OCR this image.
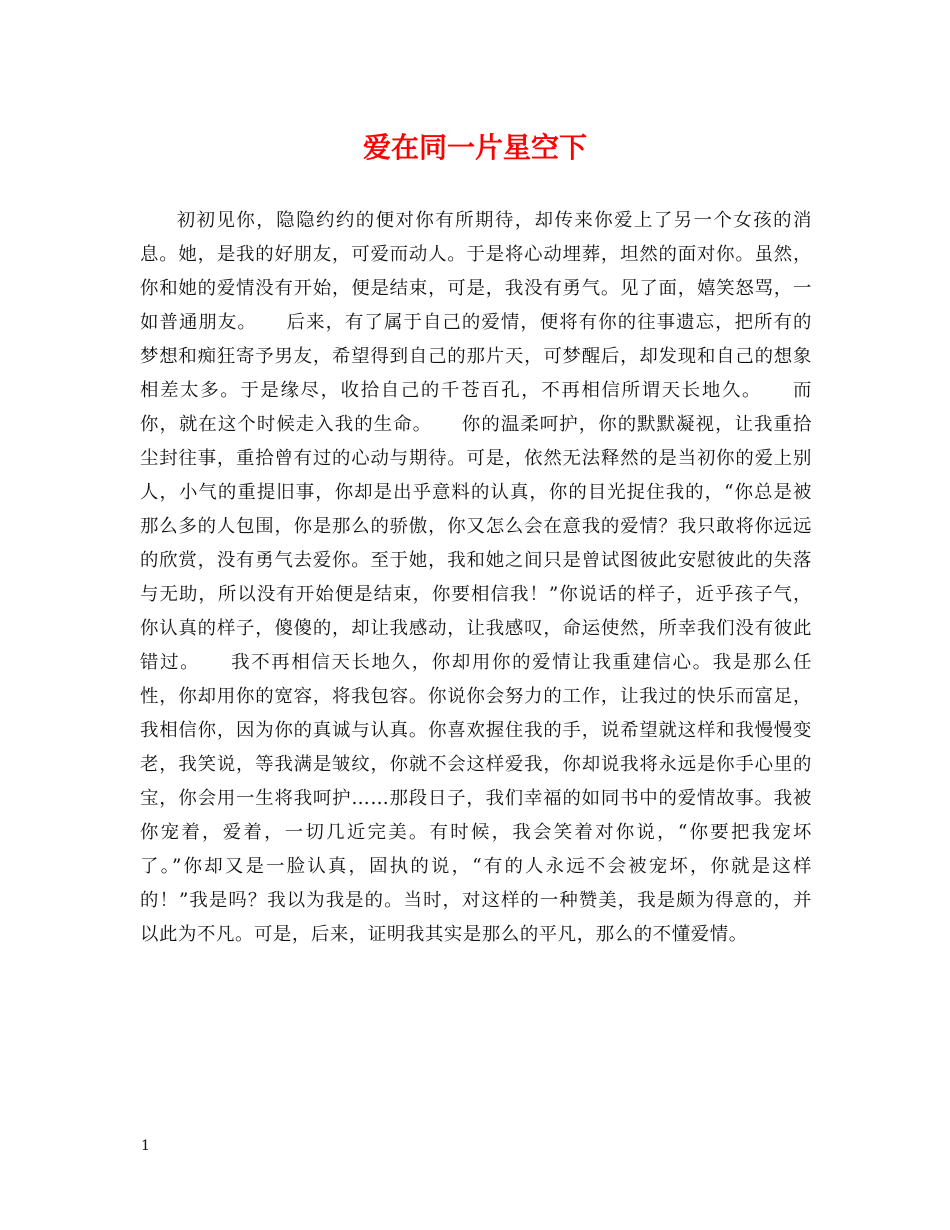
爱在同一片星空下

初初见你，隐隐约约的便对你有所期待，却传来你爱上了另一个女孩的消息。她，是我的好朋友，可爱而动人。于是将心动埋葬，坦然的面对你。虽然，你和她的爱情没有开始，便是结束，可是，我没有勇气。见了面，嬉笑怒骂，一如普通朋友。　　后来，有了属于自己的爱情，便将有你的往事遗忘，把所有的梦想和痴狂寄予男友，希望得到自己的那片天，可梦醒后，却发现和自己的想象相差太多。于是缘尽，收拾自己的千苍百孔，不再相信所谓天长地久。　　而你，就在这个时候走入我的生命。　　你的温柔呵护，你的默默凝视，让我重拾尘封往事，重拾曾有过的心动与期待。可是，依然无法释然的是当初你的爱上别人，小气的重提旧事，你却是出乎意料的认真，你的目光捉住我的，“你总是被那么多的人包围，你是那么的骄傲，你又怎么会在意我的爱情？我只敢将你远远的欣赏，没有勇气去爱你。至于她，我和她之间只是曾试图彼此安慰彼此的失落与无助，所以没有开始便是结束，你要相信我！”你说话的样子，近乎孩子气，你认真的样子，傻傻的，却让我感动，让我感叹，命运使然，所幸我们没有彼此错过。　　我不再相信天长地久，你却用你的爱情让我重建信心。我是那么任性，你却用你的宽容，将我包容。你说你会努力的工作，让我过的快乐而富足，我相信你，因为你的真诚与认真。你喜欢握住我的手，说希望就这样和我慢慢变老，我笑说，等我满是皱纹，你就不会这样爱我，你却说我将永远是你手心里的宝，你会用一生将我呵护……那段日子，我们幸福的如同书中的爱情故事。我被你宠着，爱着，一切几近完美。有时候，我会笑着对你说，“你要把我宠坏了。”你却又是一脸认真，固执的说，“有的人永远不会被宠坏，你就是这样的！”我是吗？我以为我是的。当时，对这样的一种赞美，我是颇为得意的，并以此为不凡。可是，后来，证明我其实是那么的平凡，那么的不懂爱情。

1
